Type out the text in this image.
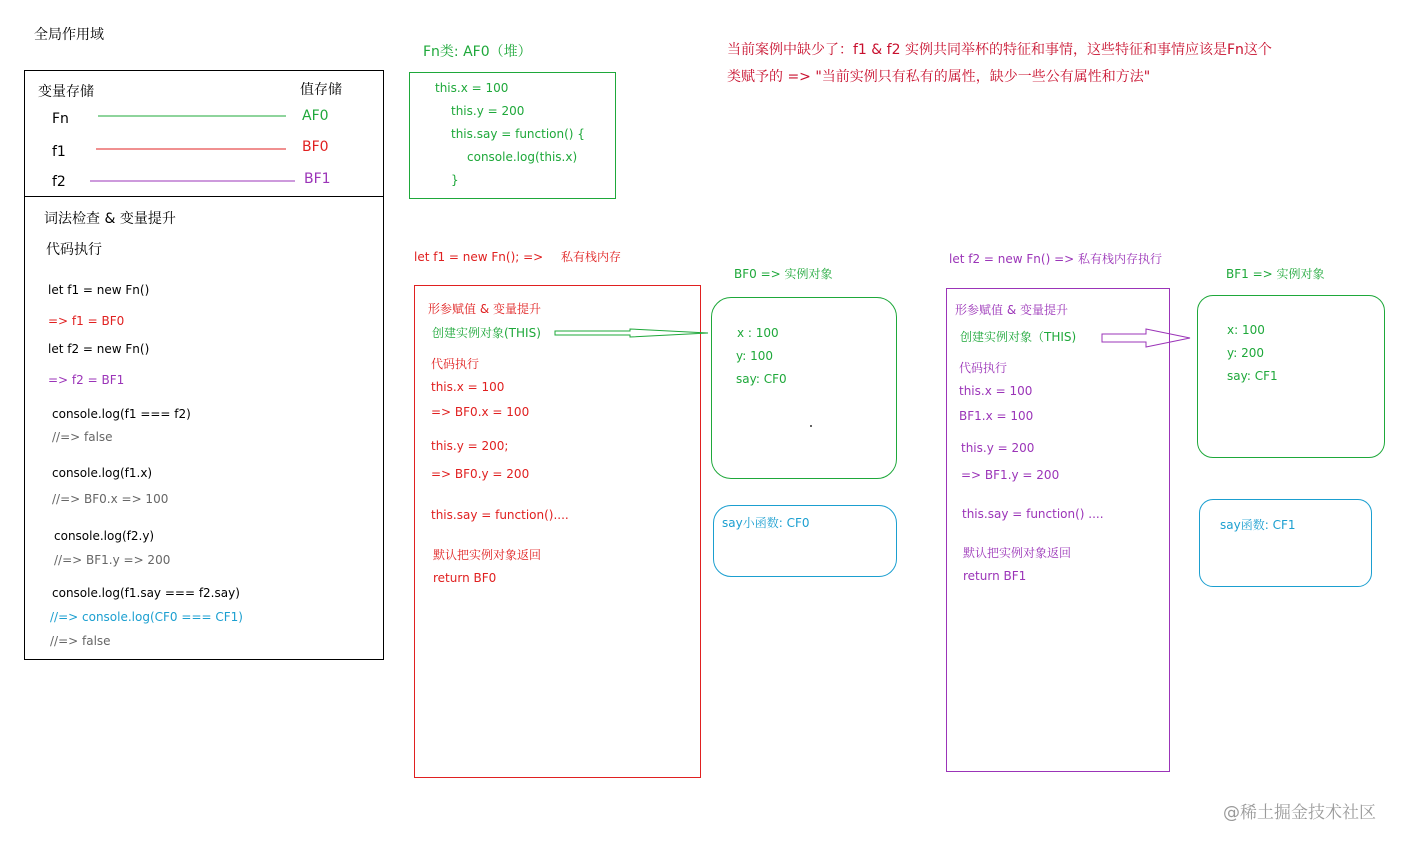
全局作用域
变量存储	值存储
Fn	AF0
f1	BF0
f2	BF1
词法检查 & 变量提升
代码执行
let f1 = new Fn()
=> f1 = BF0
let f2 = new Fn()
=> f2 = BF1
console.log(f1 === f2)
//=> false
console.log(f1.x)
//=> BF0.x => 100
console.log(f2.y)
//=> BF1.y => 200
console.log(f1.say === f2.say)
//=> console.log(CF0 === CF1)
//=> false
Fn类: AF0（堆）
this.x = 100
this.y = 200
this.say = function() {
console.log(this.x)
}
当前案例中缺少了：f1 & f2 实例共同举杯的特征和事情，这些特征和事情应该是Fn这个
类赋予的 => "当前实例只有私有的属性，缺少一些公有属性和方法"
let f1 = new Fn(); => 私有栈内存
形参赋值 & 变量提升
创建实例对象(THIS)
代码执行
this.x = 100
=> BF0.x = 100
this.y = 200;
=> BF0.y = 200
this.say = function()....
默认把实例对象返回
return BF0
BF0 => 实例对象
x : 100
y: 100
say: CF0
say小函数: CF0
let f2 = new Fn() => 私有栈内存执行
形参赋值 & 变量提升
创建实例对象（THIS)
代码执行
this.x = 100
BF1.x = 100
this.y = 200
=> BF1.y = 200
this.say = function() ....
默认把实例对象返回
return BF1
BF1 => 实例对象
x: 100
y: 200
say: CF1
say函数: CF1
@稀土掘金技术社区
